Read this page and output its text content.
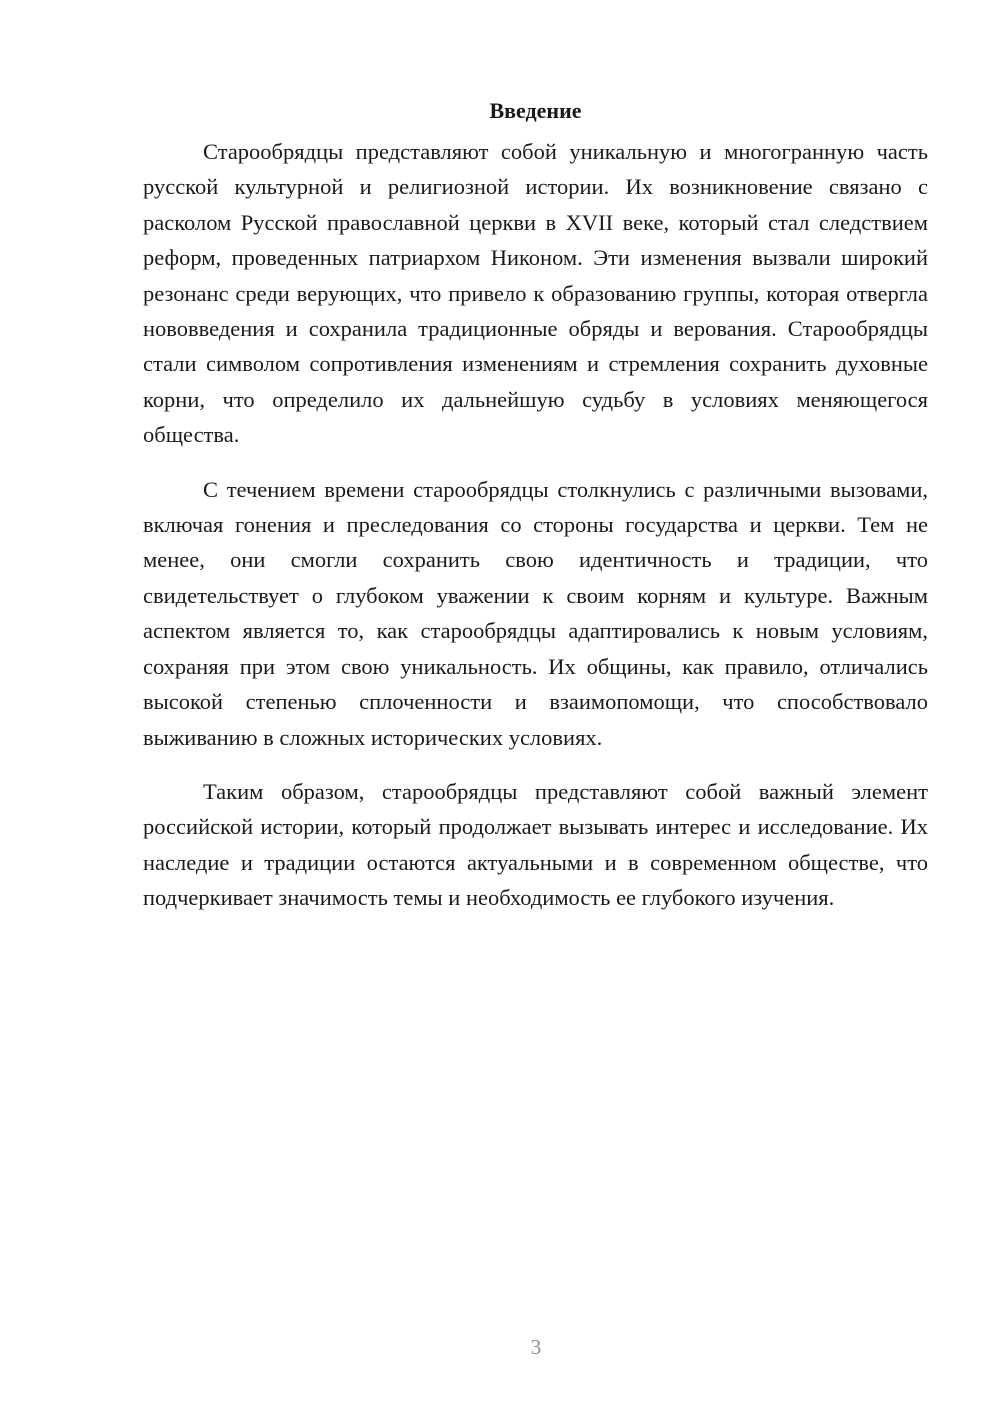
Введение

Старообрядцы представляют собой уникальную и многогранную часть русской культурной и религиозной истории. Их возникновение связано с расколом Русской православной церкви в XVII веке, который стал следствием реформ, проведенных патриархом Никоном. Эти изменения вызвали широкий резонанс среди верующих, что привело к образованию группы, которая отвергла нововведения и сохранила традиционные обряды и верования. Старообрядцы стали символом сопротивления изменениям и стремления сохранить духовные корни, что определило их дальнейшую судьбу в условиях меняющегося общества.

С течением времени старообрядцы столкнулись с различными вызовами, включая гонения и преследования со стороны государства и церкви. Тем не менее, они смогли сохранить свою идентичность и традиции, что свидетельствует о глубоком уважении к своим корням и культуре. Важным аспектом является то, как старообрядцы адаптировались к новым условиям, сохраняя при этом свою уникальность. Их общины, как правило, отличались высокой степенью сплоченности и взаимопомощи, что способствовало выживанию в сложных исторических условиях.

Таким образом, старообрядцы представляют собой важный элемент российской истории, который продолжает вызывать интерес и исследование. Их наследие и традиции остаются актуальными и в современном обществе, что подчеркивает значимость темы и необходимость ее глубокого изучения.

3
